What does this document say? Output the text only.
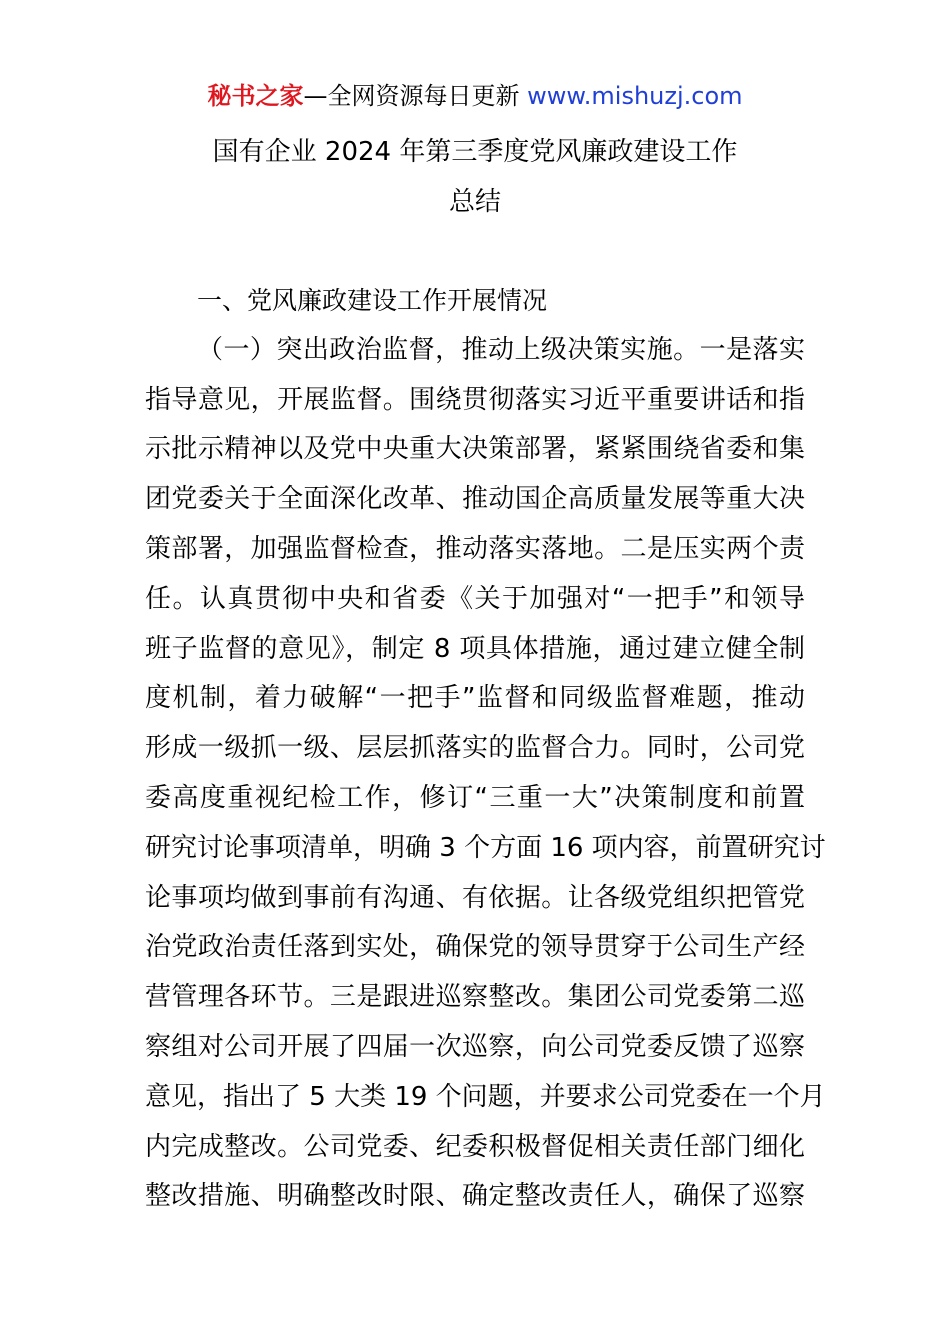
秘书之家—全网资源每日更新 www.mishuzj.com
国有企业 2024 年第三季度党风廉政建设工作
总结
一、党风廉政建设工作开展情况
（一）突出政治监督，推动上级决策实施。一是落实
指导意见，开展监督。围绕贯彻落实习近平重要讲话和指
示批示精神以及党中央重大决策部署，紧紧围绕省委和集
团党委关于全面深化改革、推动国企高质量发展等重大决
策部署，加强监督检查，推动落实落地。二是压实两个责
任。认真贯彻中央和省委《关于加强对“一把手”和领导
班子监督的意见》，制定 8 项具体措施，通过建立健全制
度机制，着力破解“一把手”监督和同级监督难题，推动
形成一级抓一级、层层抓落实的监督合力。同时，公司党
委高度重视纪检工作，修订“三重一大”决策制度和前置
研究讨论事项清单，明确 3 个方面 16 项内容，前置研究讨
论事项均做到事前有沟通、有依据。让各级党组织把管党
治党政治责任落到实处，确保党的领导贯穿于公司生产经
营管理各环节。三是跟进巡察整改。集团公司党委第二巡
察组对公司开展了四届一次巡察，向公司党委反馈了巡察
意见，指出了 5 大类 19 个问题，并要求公司党委在一个月
内完成整改。公司党委、纪委积极督促相关责任部门细化
整改措施、明确整改时限、确定整改责任人，确保了巡察
